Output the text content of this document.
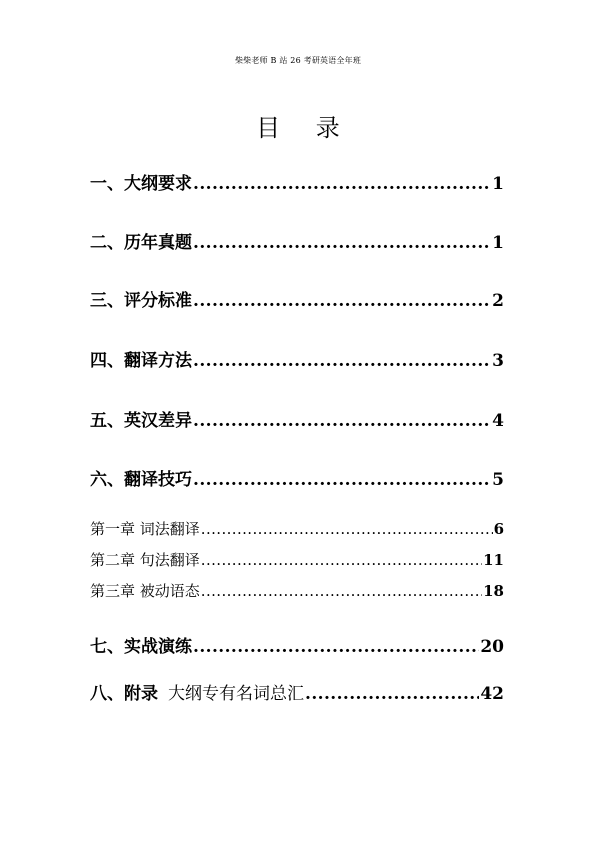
柴柴老师 B 站 26 考研英语全年班
目 录
一、大纲要求 .....	1
二、历年真题 .....	1
三、评分标准 .....	2
四、翻译方法 .....	3
五、英汉差异 .....	4
六、翻译技巧 .....	5
第一章 词法翻译 .....	6
第二章 句法翻译 .....	11
第三章 被动语态 .....	18
七、实战演练 .....	20
八、附录 大纲专有名词总汇 .....	42
